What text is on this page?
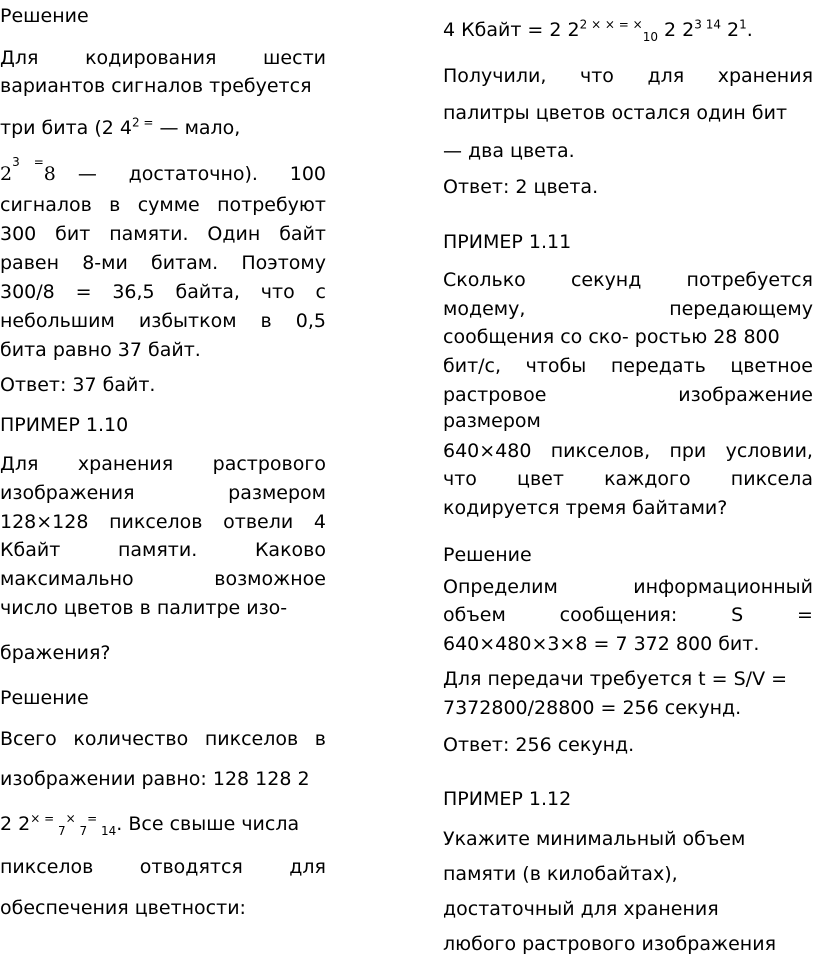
Решение
Для кодирования шести
вариантов сигналов требуется
три бита (2 $4^2$ = — мало,
2
3 =
8 — достаточно). 100
сигналов в сумме потребуют
300 бит памяти. Один байт
равен 8-ми битам. Поэтому
300/8 = 36,5 байта, что с
небольшим избытком в 0,5
бита равно 37 байт.
Ответ: 37 байт.
ПРИМЕР 1.10
Для хранения растрового
изображения	размером
128×128 пикселов отвели 4
Кбайт	памяти.	Каково
максимально	возможное
число цветов в палитре изо-
бражения?
Решение
Всего количество пикселов в
изображении равно: 128 128 2
2 2× = $_7$× $_7$= $_{14}$. Все свыше числа
пикселов отводятся для
обеспечения цветности:
4 Кбайт = 2 $2^2$ × × = ×$_{10}$ 2 $2^{3 14}$ $2^1$.
Получили, что для хранения
палитры цветов остался один бит
— два цвета.
Ответ: 2 цвета.
ПРИМЕР 1.11
Сколько секунд потребуется
модему,	передающему
сообщения со ско- ростью 28 800
бит/с, чтобы передать цветное
растровое	изображение
размером
640×480 пикселов, при условии,
что цвет каждого пиксела
кодируется тремя байтами?
Решение
Определим	информационный
объем	сообщения:	S	=
640×480×3×8 = 7 372 800 бит.
Для передачи требуется t = S/V =
7372800/28800 = 256 секунд.
Ответ: 256 секунд.
ПРИМЕР 1.12
Укажите минимальный объем
памяти (в килобайтах),
достаточный для хранения
любого растрового изображения
